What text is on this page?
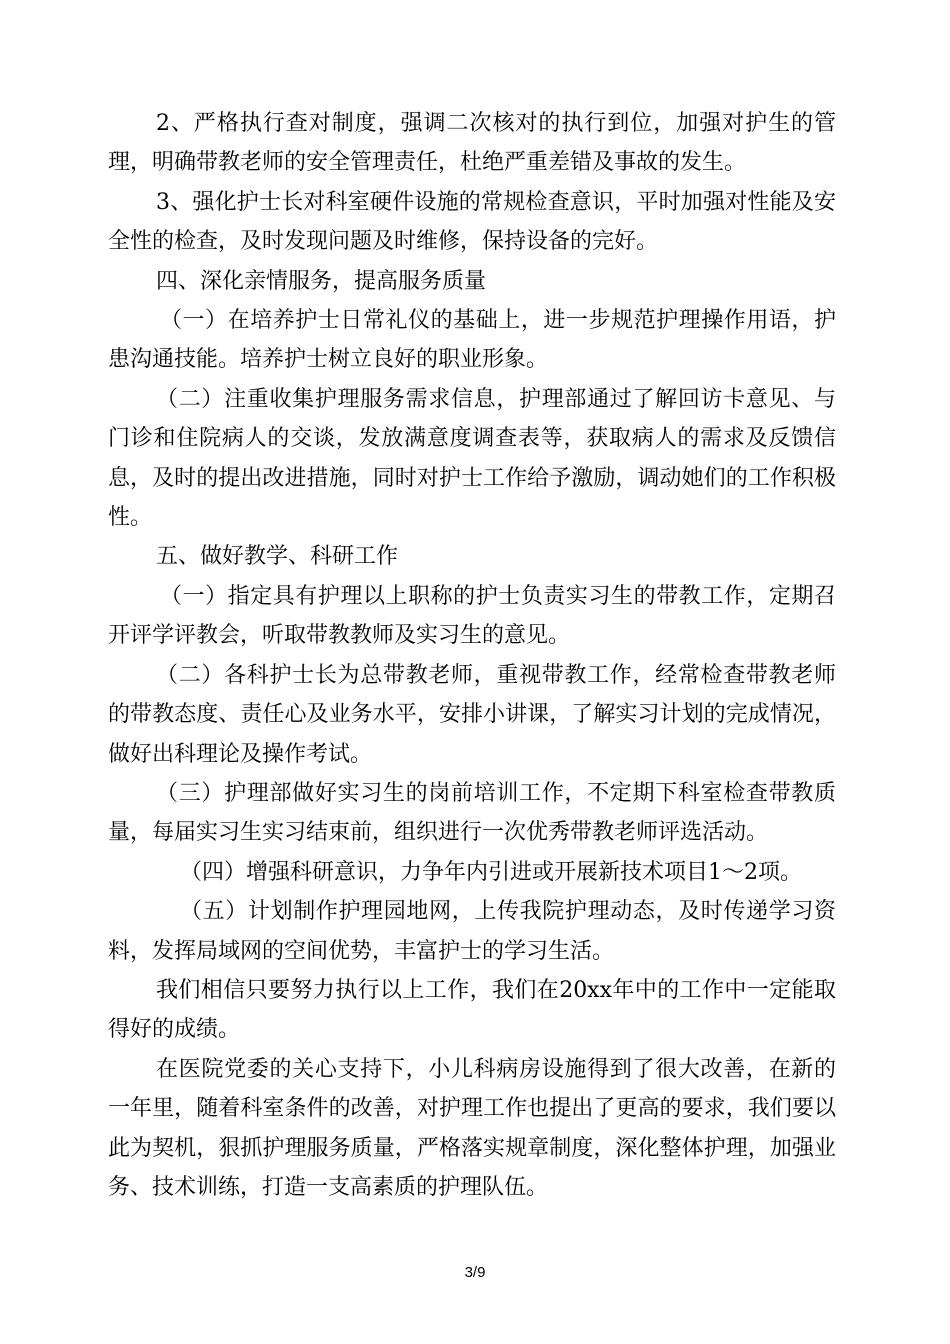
2、严格执行查对制度，强调二次核对的执行到位，加强对护生的管理，明确带教老师的安全管理责任，杜绝严重差错及事故的发生。

3、强化护士长对科室硬件设施的常规检查意识，平时加强对性能及安全性的检查，及时发现问题及时维修，保持设备的完好。

四、深化亲情服务，提高服务质量

（一）在培养护士日常礼仪的基础上，进一步规范护理操作用语，护患沟通技能。培养护士树立良好的职业形象。

（二）注重收集护理服务需求信息，护理部通过了解回访卡意见、与门诊和住院病人的交谈，发放满意度调查表等，获取病人的需求及反馈信息，及时的提出改进措施，同时对护士工作给予激励，调动她们的工作积极性。

五、做好教学、科研工作

（一）指定具有护理以上职称的护士负责实习生的带教工作，定期召开评学评教会，听取带教教师及实习生的意见。

（二）各科护士长为总带教老师，重视带教工作，经常检查带教老师的带教态度、责任心及业务水平，安排小讲课，了解实习计划的完成情况，做好出科理论及操作考试。

（三）护理部做好实习生的岗前培训工作，不定期下科室检查带教质量，每届实习生实习结束前，组织进行一次优秀带教老师评选活动。

（四）增强科研意识，力争年内引进或开展新技术项目1～2项。

（五）计划制作护理园地网，上传我院护理动态，及时传递学习资料，发挥局域网的空间优势，丰富护士的学习生活。

我们相信只要努力执行以上工作，我们在20xx年中的工作中一定能取得好的成绩。

在医院党委的关心支持下，小儿科病房设施得到了很大改善，在新的一年里，随着科室条件的改善，对护理工作也提出了更高的要求，我们要以此为契机，狠抓护理服务质量，严格落实规章制度，深化整体护理，加强业务、技术训练，打造一支高素质的护理队伍。

3/9
